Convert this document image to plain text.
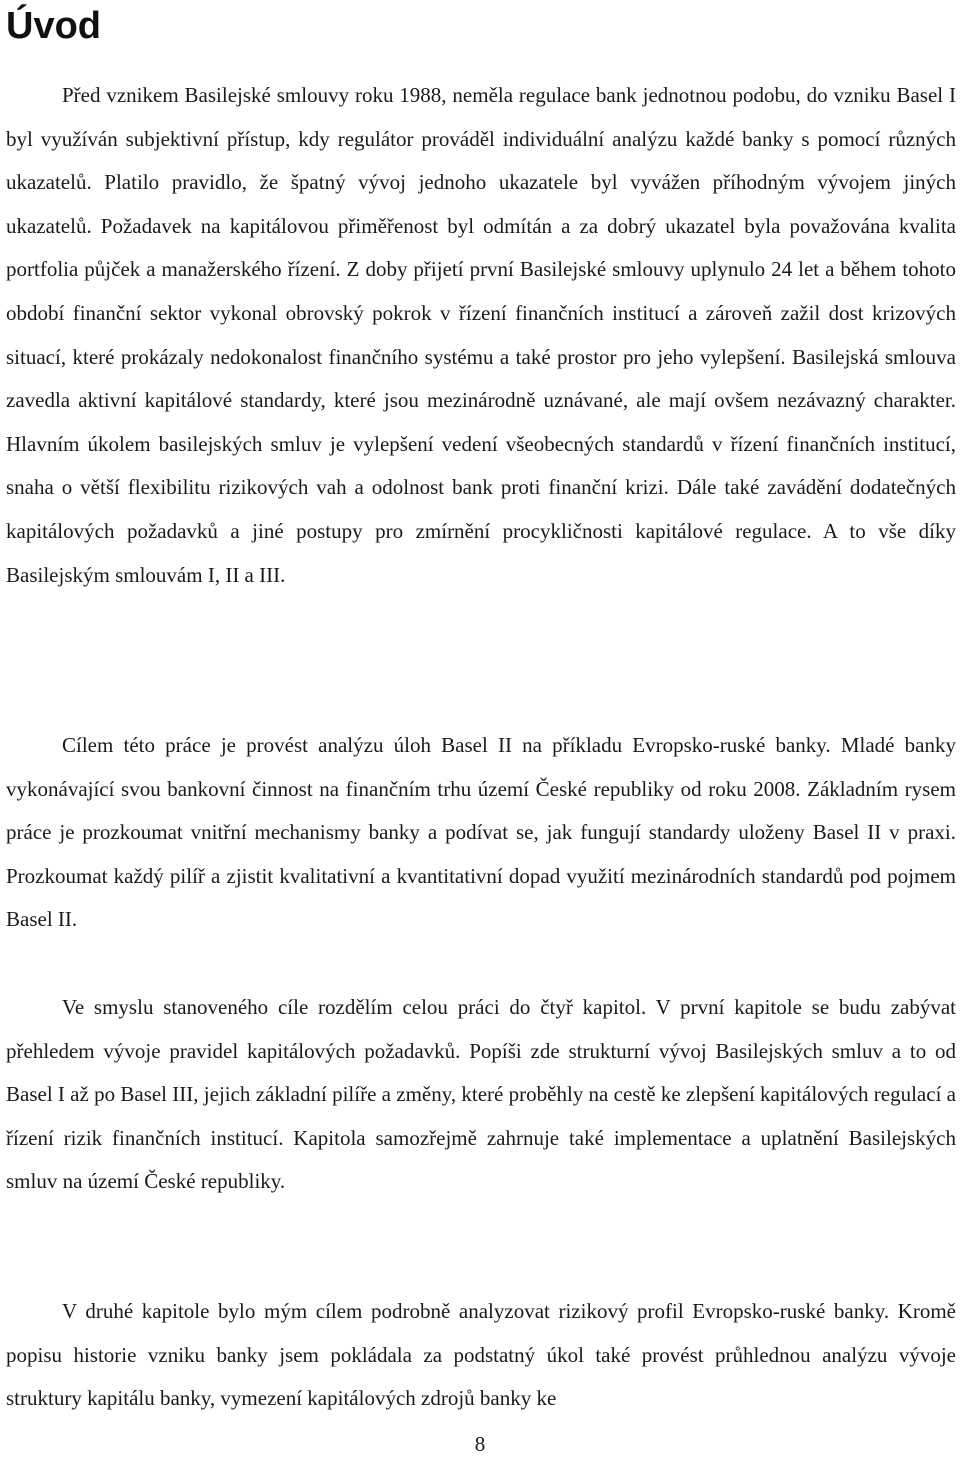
Úvod

Před vznikem Basilejské smlouvy roku 1988, neměla regulace bank jednotnou podobu, do vzniku Basel I byl využíván subjektivní přístup, kdy regulátor prováděl individuální analýzu každé banky s pomocí různých ukazatelů. Platilo pravidlo, že špatný vývoj jednoho ukazatele byl vyvážen příhodným vývojem jiných ukazatelů. Požadavek na kapitálovou přiměřenost byl odmítán a za dobrý ukazatel byla považována kvalita portfolia půjček a manažerského řízení. Z doby přijetí první Basilejské smlouvy uplynulo 24 let a během tohoto období finanční sektor vykonal obrovský pokrok v řízení finančních institucí a zároveň zažil dost krizových situací, které prokázaly nedokonalost finančního systému a také prostor pro jeho vylepšení. Basilejská smlouva zavedla aktivní kapitálové standardy, které jsou mezinárodně uznávané, ale mají ovšem nezávazný charakter. Hlavním úkolem basilejských smluv je vylepšení vedení všeobecných standardů v řízení finančních institucí, snaha o větší flexibilitu rizikových vah a odolnost bank proti finanční krizi. Dále také zavádění dodatečných kapitálových požadavků a jiné postupy pro zmírnění procykličnosti kapitálové regulace. A to vše díky Basilejským smlouvám I, II a III.

Cílem této práce je provést analýzu úloh Basel II na příkladu Evropsko-ruské banky. Mladé banky vykonávající svou bankovní činnost na finančním trhu území České republiky od roku 2008. Základním rysem práce je prozkoumat vnitřní mechanismy banky a podívat se, jak fungují standardy uloženy Basel II v praxi. Prozkoumat každý pilíř a zjistit kvalitativní a kvantitativní dopad využití mezinárodních standardů pod pojmem Basel II.

Ve smyslu stanoveného cíle rozdělím celou práci do čtyř kapitol. V první kapitole se budu zabývat přehledem vývoje pravidel kapitálových požadavků. Popíši zde strukturní vývoj Basilejských smluv a to od Basel I až po Basel III, jejich základní pilíře a změny, které proběhly na cestě ke zlepšení kapitálových regulací a řízení rizik finančních institucí. Kapitola samozřejmě zahrnuje také implementace a uplatnění Basilejských smluv na území České republiky.

V druhé kapitole bylo mým cílem podrobně analyzovat rizikový profil Evropsko-ruské banky. Kromě popisu historie vzniku banky jsem pokládala za podstatný úkol také provést průhlednou analýzu vývoje struktury kapitálu banky, vymezení kapitálových zdrojů banky ke

8
